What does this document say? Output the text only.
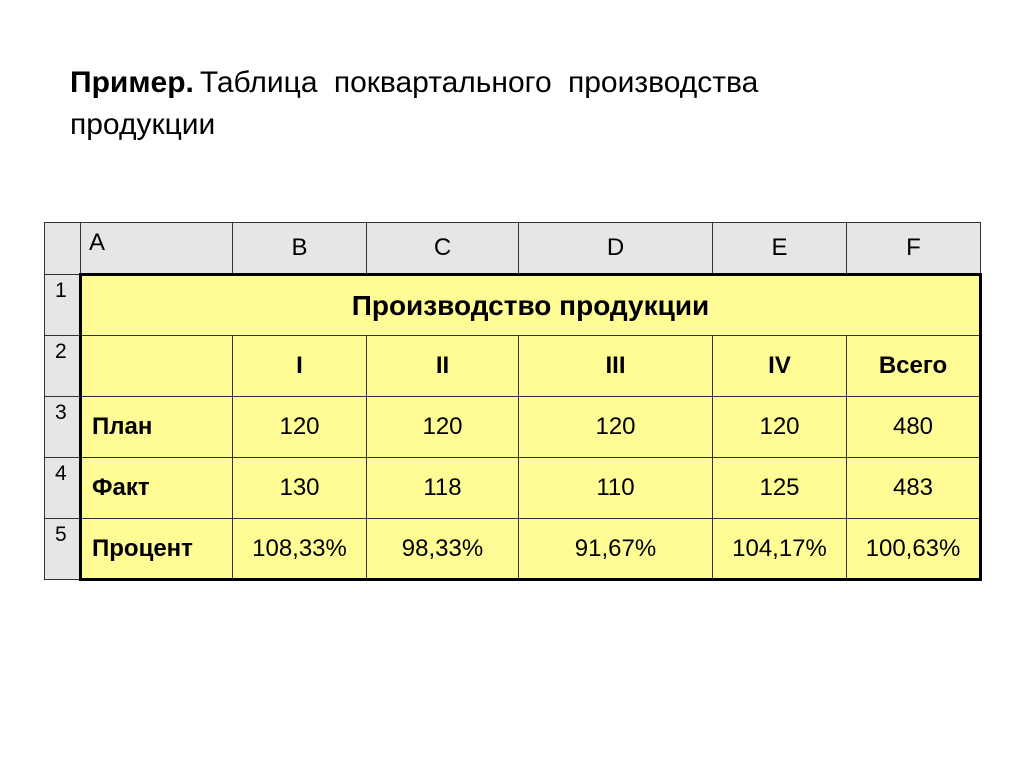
Пример. Таблица поквартального производства продукции
	A	B	C	D	E	F
1	Производство продукции					
2		I	II	III	IV	Всего
3	План	120	120	120	120	480
4	Факт	130	118	110	125	483
5	Процент	108,33%	98,33%	91,67%	104,17%	100,63%
